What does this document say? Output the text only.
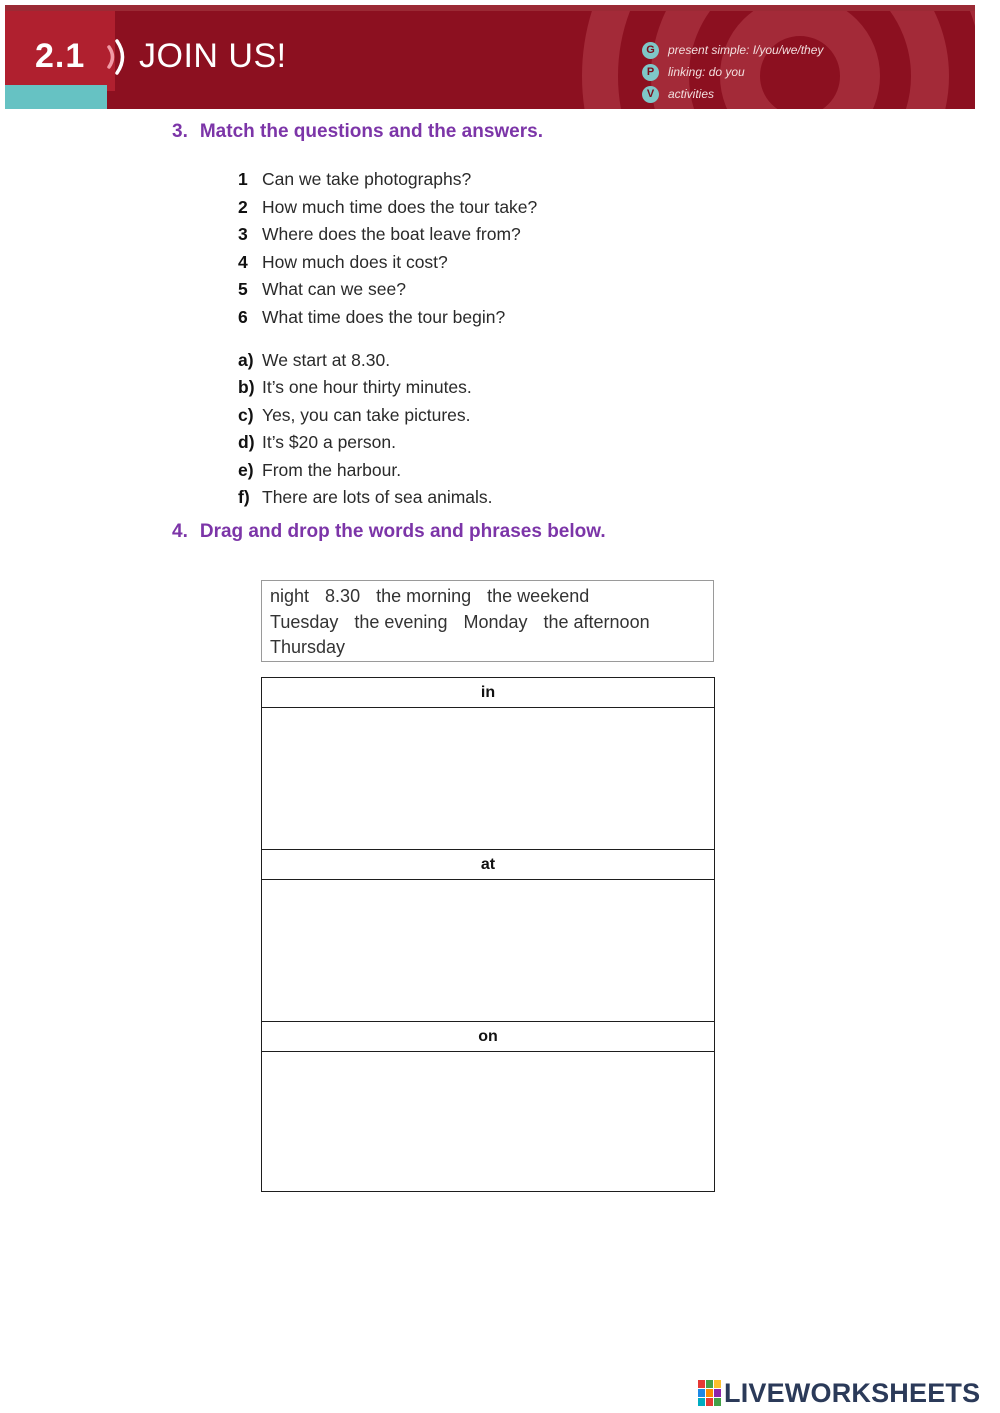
2.1 JOIN US!	G	present simple: I/you/we/they
P	linking: do you
V	activities
3. Match the questions and the answers.
1 Can we take photographs?
2 How much time does the tour take?
3 Where does the boat leave from?
4 How much does it cost?
5 What can we see?
6 What time does the tour begin?
a) We start at 8.30.
b) It’s one hour thirty minutes.
c) Yes, you can take pictures.
d) It’s $20 a person.
e) From the harbour.
f) There are lots of sea animals.
4. Drag and drop the words and phrases below.
night 8.30 the morning the weekend
Tuesday the evening Monday the afternoon
Thursday
in

at

on

LIVEWORKSHEETS
